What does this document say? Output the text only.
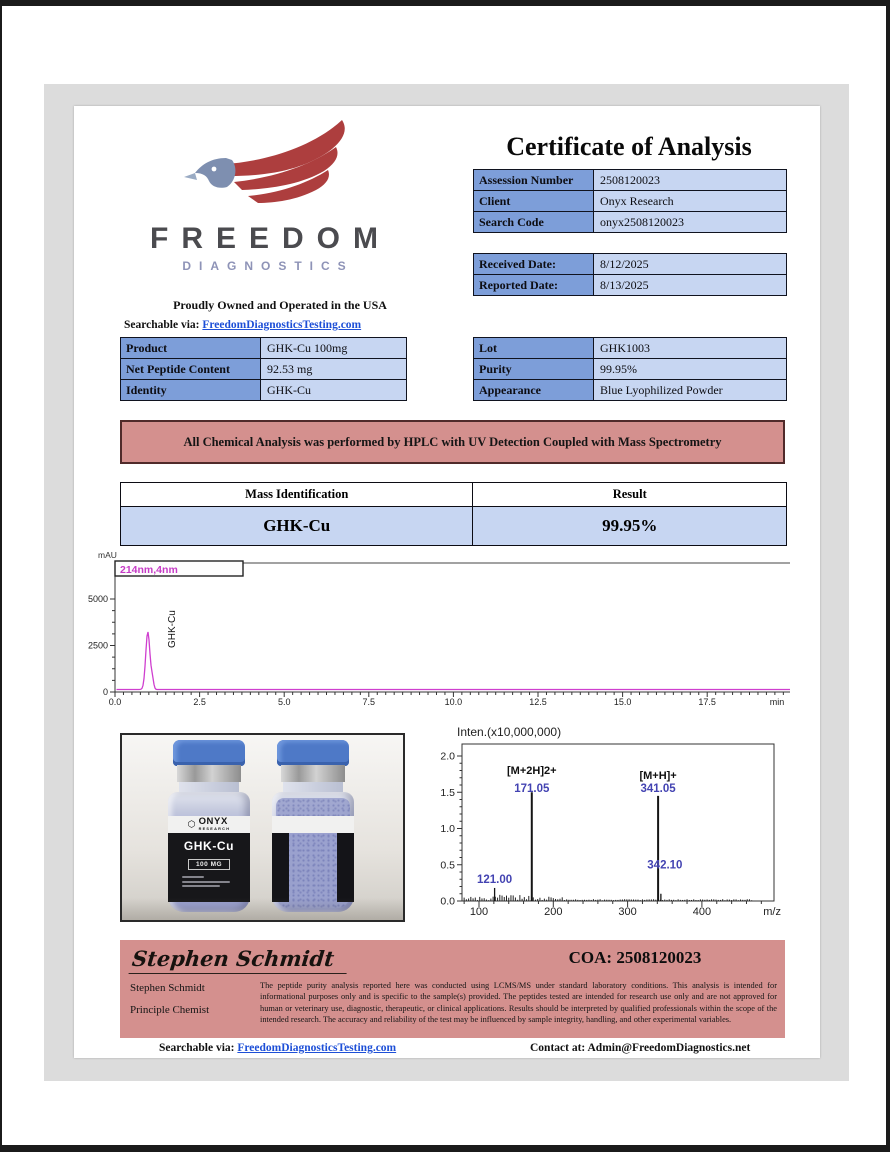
FREEDOM
DIAGNOSTICS
Proudly Owned and Operated in the USA
Searchable via: FreedomDiagnosticsTesting.com
Certificate of Analysis
Assession Number	2508120023
Client	Onyx Research
Search Code	onyx2508120023
Received Date:	8/12/2025
Reported Date:	8/13/2025
Product	GHK-Cu 100mg
Net Peptide Content	92.53 mg
Identity	GHK-Cu
Lot	GHK1003
Purity	99.95%
Appearance	Blue Lyophilized Powder
All Chemical Analysis was performed by HPLC with UV Detection Coupled with Mass Spectrometry
Mass Identification	Result
GHK-Cu	99.95%
0.0	2.5	5.0	7.5	10.0	12.5	15.0	17.5	min
0
2500
5000
mAU
GHK-Cu
214nm,4nm
⬡ ONYX
RESEARCH
GHK-Cu
100 MG
Inten.(x10,000,000)
0.0
0.5
1.0
1.5
2.0
100	200	300	400	m/z
121.00
171.05
[M+2H]2+
341.05
[M+H]+
342.10
Stephen Schmidt	COA: 2508120023
Stephen Schmidt
Principle Chemist
The peptide purity analysis reported here was conducted using LCMS/MS under standard laboratory conditions. This analysis is intended for informational purposes only and is specific to the sample(s) provided. The peptides tested are intended for research use only and are not approved for human or veterinary use, diagnostic, therapeutic, or clinical applications. Results should be interpreted by qualified professionals within the scope of the intended research. The accuracy and reliability of the test may be influenced by sample integrity, handling, and other experimental variables.
Searchable via: FreedomDiagnosticsTesting.com	Contact at: Admin@FreedomDiagnostics.net
